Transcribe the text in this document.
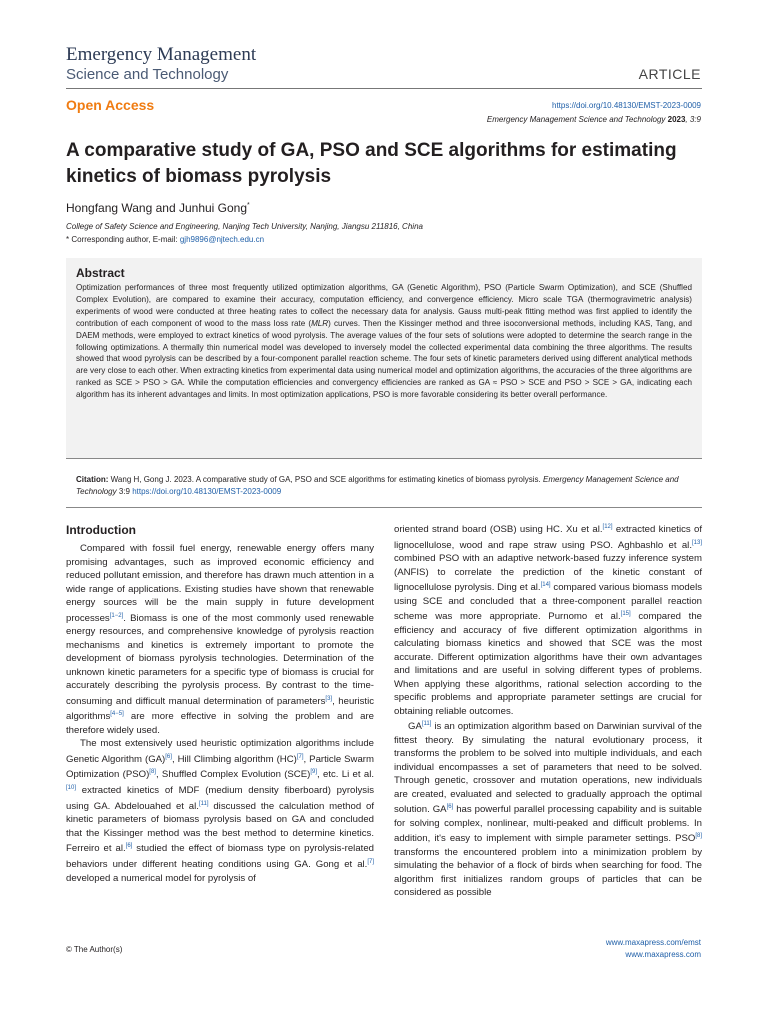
Emergency Management
Science and Technology	ARTICLE
Open Access	https://doi.org/10.48130/EMST-2023-0009
Emergency Management Science and Technology 2023, 3:9
A comparative study of GA, PSO and SCE algorithms for estimating kinetics of biomass pyrolysis
Hongfang Wang and Junhui Gong*
College of Safety Science and Engineering, Nanjing Tech University, Nanjing, Jiangsu 211816, China
* Corresponding author, E-mail: gjh9896@njtech.edu.cn
Abstract
Optimization performances of three most frequently utilized optimization algorithms, GA (Genetic Algorithm), PSO (Particle Swarm Optimization), and SCE (Shuffled Complex Evolution), are compared to examine their accuracy, computation efficiency, and convergence efficiency. Micro scale TGA (thermogravimetric analysis) experiments of wood were conducted at three heating rates to collect the necessary data for analysis. Gauss multi-peak fitting method was first applied to identify the contribution of each component of wood to the mass loss rate (MLR) curves. Then the Kissinger method and three isoconversional methods, including KAS, Tang, and DAEM methods, were employed to extract kinetics of wood pyrolysis. The average values of the four sets of solutions were adopted to determine the search range in the following optimizations. A thermally thin numerical model was developed to inversely model the collected experimental data combining the three algorithms. The results showed that wood pyrolysis can be described by a four-component parallel reaction scheme. The four sets of kinetic parameters derived using different analytical methods are very close to each other. When extracting kinetics from experimental data using numerical model and optimization algorithms, the accuracies of the three algorithms are ranked as SCE > PSO > GA. While the computation efficiencies and convergency efficiencies are ranked as GA ≈ PSO > SCE and PSO > SCE > GA, indicating each algorithm has its inherent advantages and limits. In most optimization applications, PSO is more favorable considering its better overall performance.
Citation: Wang H, Gong J. 2023. A comparative study of GA, PSO and SCE algorithms for estimating kinetics of biomass pyrolysis. Emergency Management Science and Technology 3:9 https://doi.org/10.48130/EMST-2023-0009
Introduction

Compared with fossil fuel energy, renewable energy offers many promising advantages, such as improved economic efficiency and reduced pollutant emission, and therefore has drawn much attention in a wide range of applications. Existing studies have shown that renewable energy sources will be the main supply in future development processes[1−2]. Biomass is one of the most commonly used renewable energy resources, and comprehensive knowledge of pyrolysis reaction mechanisms and kinetics is extremely important to promote the development of biomass pyrolysis technologies. Determination of the unknown kinetic parameters for a specific type of biomass is crucial for accurately describing the pyrolysis process. By contrast to the time-consuming and difficult manual determination of parameters[3], heuristic algorithms[4−5] are more effective in solving the problem and are therefore widely used.

The most extensively used heuristic optimization algorithms include Genetic Algorithm (GA)[6], Hill Climbing algorithm (HC)[7], Particle Swarm Optimization (PSO)[8], Shuffled Complex Evolution (SCE)[9], etc. Li et al.[10] extracted kinetics of MDF (medium density fiberboard) pyrolysis using GA. Abdelouahed et al.[11] discussed the calculation method of kinetic parameters of biomass pyrolysis based on GA and concluded that the Kissinger method was the best method to determine kinetics. Ferreiro et al.[6] studied the effect of biomass type on pyrolysis-related behaviors under different heating conditions using GA. Gong et al.[7] developed a numerical model for pyrolysis of

oriented strand board (OSB) using HC. Xu et al.[12] extracted kinetics of lignocellulose, wood and rape straw using PSO. Aghbashlo et al.[13] combined PSO with an adaptive network-based fuzzy inference system (ANFIS) to correlate the prediction of the kinetic constant of lignocellulose pyrolysis. Ding et al.[14] compared various biomass models using SCE and concluded that a three-component parallel reaction scheme was more appropriate. Purnomo et al.[15] compared the efficiency and accuracy of five different optimization algorithms in calculating biomass kinetics and showed that SCE was the most accurate. Different optimization algorithms have their own advantages and limitations and are useful in solving different types of problems. When applying these algorithms, rational selection according to the specific problems and appropriate parameter settings are crucial for obtaining reliable outcomes.

GA[11] is an optimization algorithm based on Darwinian survival of the fittest theory. By simulating the natural evolutionary process, it transforms the problem to be solved into multiple individuals, and each individual encompasses a set of parameters that need to be solved. Through genetic, crossover and mutation operations, new individuals are created, evaluated and selected to gradually approach the optimal solution. GA[6] has powerful parallel processing capability and is suitable for solving complex, nonlinear, multi-peaked and difficult problems. In addition, it's easy to implement with simple parameter settings. PSO[8] transforms the encountered problem into a minimization problem by simulating the behavior of a flock of birds when searching for food. The algorithm first initializes random groups of particles that can be considered as possible

© The Author(s)
www.maxapress.com/emst
www.maxapress.com
